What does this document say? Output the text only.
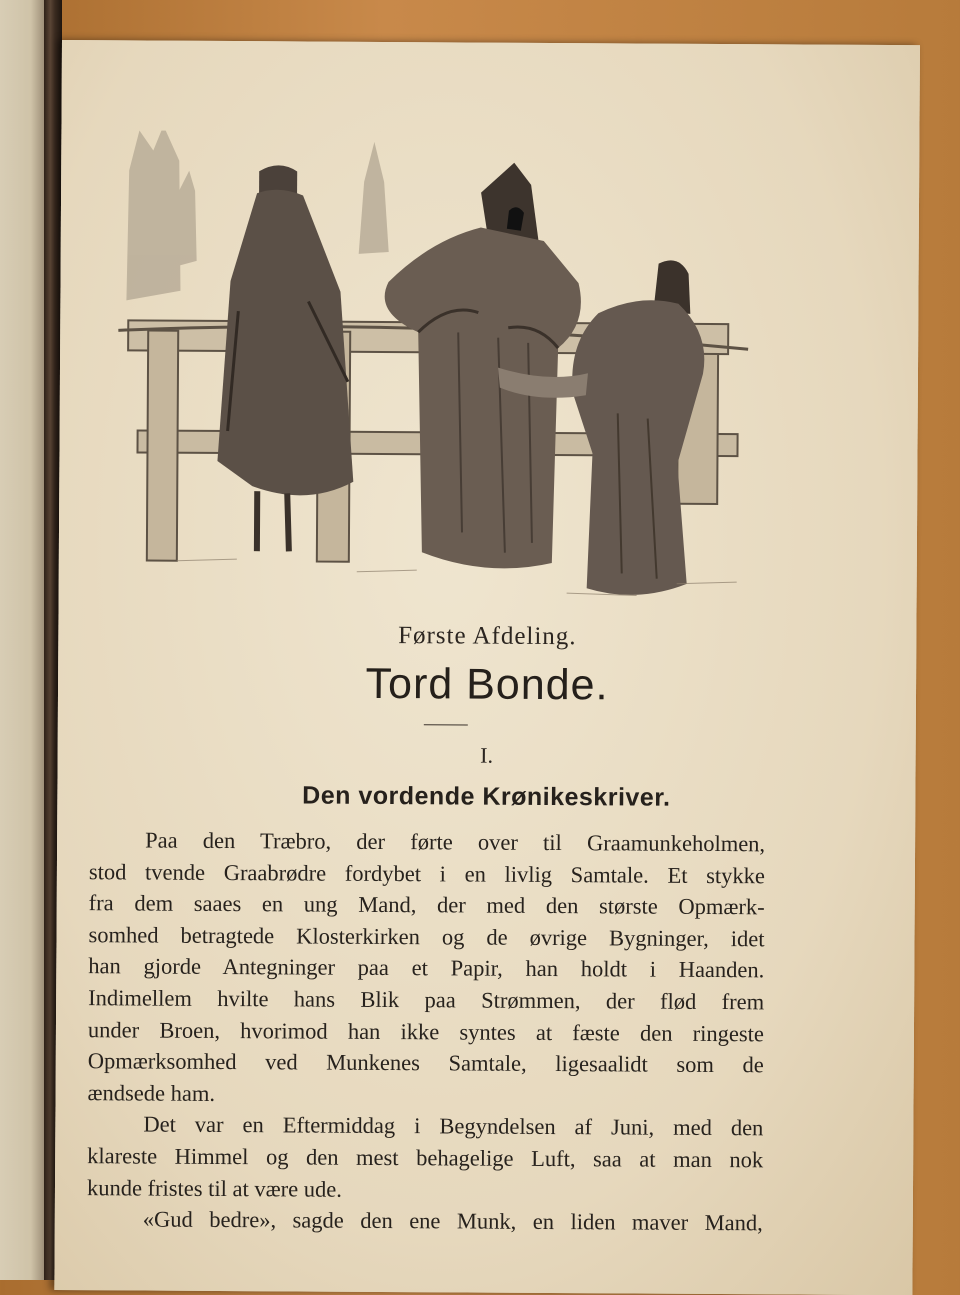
Første Afdeling.
Tord Bonde.
I.
Den vordende Krønikeskriver.
Paa den Træbro, der førte over til Graamunkeholmen,
stod tvende Graabrødre fordybet i en livlig Samtale. Et stykke
fra dem saaes en ung Mand, der med den største Opmærk-
somhed betragtede Klosterkirken og de øvrige Bygninger, idet
han gjorde Antegninger paa et Papir, han holdt i Haanden.
Indimellem hvilte hans Blik paa Strømmen, der flød frem
under Broen, hvorimod han ikke syntes at fæste den ringeste
Opmærksomhed ved Munkenes Samtale, ligesaalidt som de
ændsede ham.
Det var en Eftermiddag i Begyndelsen af Juni, med den
klareste Himmel og den mest behagelige Luft, saa at man nok
kunde fristes til at være ude.
«Gud bedre», sagde den ene Munk, en liden maver Mand,
